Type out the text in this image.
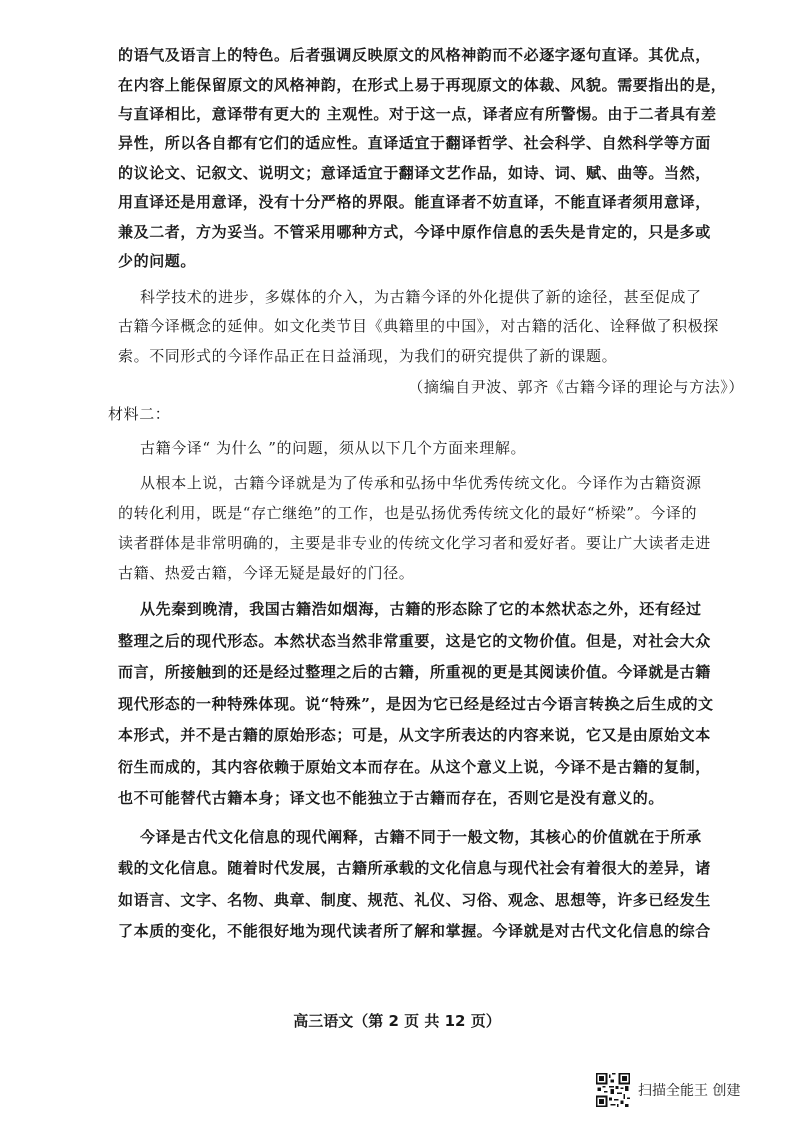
的语气及语言上的特色。后者强调反映原文的风格神韵而不必逐字逐句直译。其优点，
在内容上能保留原文的风格神韵，在形式上易于再现原文的体裁、风貌。需要指出的是，
与直译相比，意译带有更大的 主观性。对于这一点，译者应有所警惕。由于二者具有差
异性，所以各自都有它们的适应性。直译适宜于翻译哲学、社会科学、自然科学等方面
的议论文、记叙文、说明文；意译适宜于翻译文艺作品，如诗、词、赋、曲等。当然，
用直译还是用意译，没有十分严格的界限。能直译者不妨直译，不能直译者须用意译，
兼及二者，方为妥当。不管采用哪种方式，今译中原作信息的丢失是肯定的，只是多或
少的问题。
科学技术的进步，多媒体的介入，为古籍今译的外化提供了新的途径，甚至促成了
古籍今译概念的延伸。如文化类节目《典籍里的中国》，对古籍的活化、诠释做了积极探
索。不同形式的今译作品正在日益涌现，为我们的研究提供了新的课题。
（摘编自尹波、郭齐《古籍今译的理论与方法》）
材料二：
古籍今译“ 为什么 ”的问题，须从以下几个方面来理解。
从根本上说，古籍今译就是为了传承和弘扬中华优秀传统文化。今译作为古籍资源
的转化利用，既是“存亡继绝”的工作，也是弘扬优秀传统文化的最好“桥梁”。今译的
读者群体是非常明确的，主要是非专业的传统文化学习者和爱好者。要让广大读者走进
古籍、热爱古籍，今译无疑是最好的门径。
从先秦到晚清，我国古籍浩如烟海，古籍的形态除了它的本然状态之外，还有经过
整理之后的现代形态。本然状态当然非常重要，这是它的文物价值。但是，对社会大众
而言，所接触到的还是经过整理之后的古籍，所重视的更是其阅读价值。今译就是古籍
现代形态的一种特殊体现。说“特殊”，是因为它已经是经过古今语言转换之后生成的文
本形式，并不是古籍的原始形态；可是，从文字所表达的内容来说，它又是由原始文本
衍生而成的，其内容依赖于原始文本而存在。从这个意义上说，今译不是古籍的复制，
也不可能替代古籍本身；译文也不能独立于古籍而存在，否则它是没有意义的。
今译是古代文化信息的现代阐释，古籍不同于一般文物，其核心的价值就在于所承
载的文化信息。随着时代发展，古籍所承载的文化信息与现代社会有着很大的差异，诸
如语言、文字、名物、典章、制度、规范、礼仪、习俗、观念、思想等，许多已经发生
了本质的变化，不能很好地为现代读者所了解和掌握。今译就是对古代文化信息的综合
高三语文（第 2 页 共 12 页）
扫描全能王 创建
